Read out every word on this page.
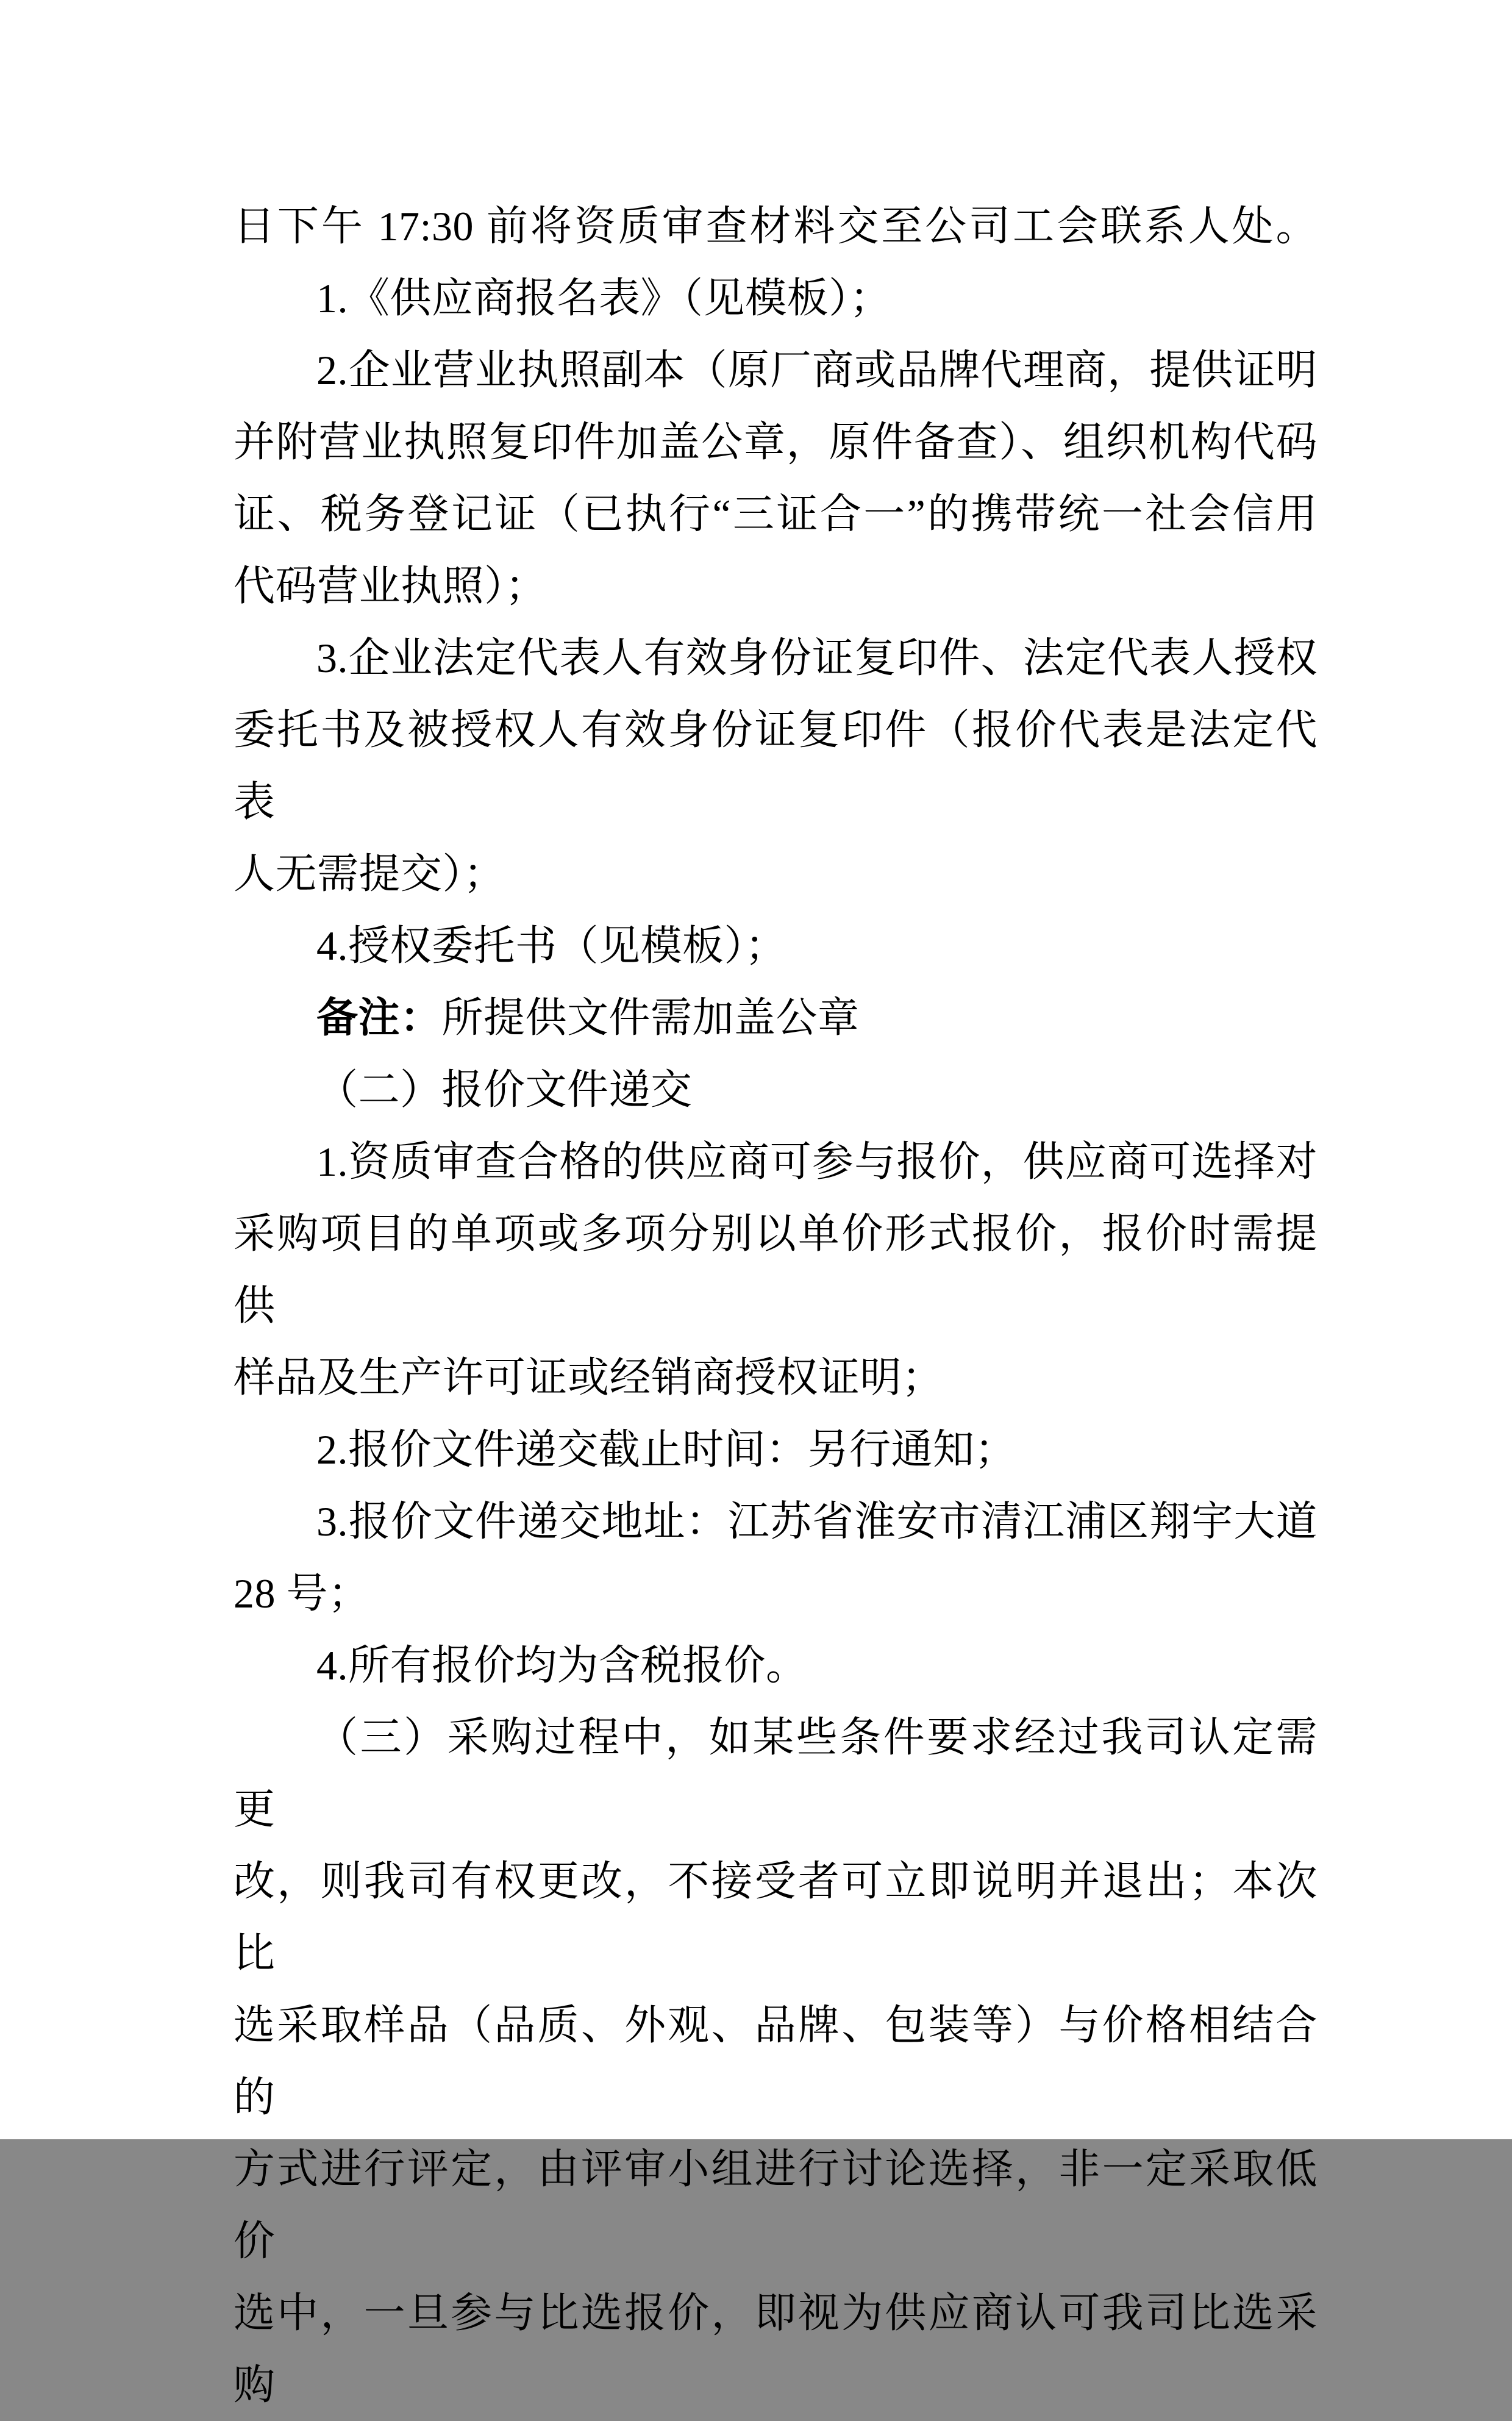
日下午 17:30 前将资质审查材料交至公司工会联系人处。
1.《供应商报名表》（见模板）；
2.企业营业执照副本（原厂商或品牌代理商，提供证明
并附营业执照复印件加盖公章，原件备查）、组织机构代码
证、税务登记证（已执行“三证合一”的携带统一社会信用
代码营业执照）；
3.企业法定代表人有效身份证复印件、法定代表人授权
委托书及被授权人有效身份证复印件（报价代表是法定代表
人无需提交）；
4.授权委托书（见模板）；
备注：所提供文件需加盖公章
（二）报价文件递交
1.资质审查合格的供应商可参与报价，供应商可选择对
采购项目的单项或多项分别以单价形式报价，报价时需提供
样品及生产许可证或经销商授权证明；
2.报价文件递交截止时间：另行通知；
3.报价文件递交地址：江苏省淮安市清江浦区翔宇大道
28 号；
4.所有报价均为含税报价。
（三）采购过程中，如某些条件要求经过我司认定需更
改，则我司有权更改，不接受者可立即说明并退出；本次比
选采取样品（品质、外观、品牌、包装等）与价格相结合的
方式进行评定，由评审小组进行讨论选择，非一定采取低价
选中，一旦参与比选报价，即视为供应商认可我司比选采购
